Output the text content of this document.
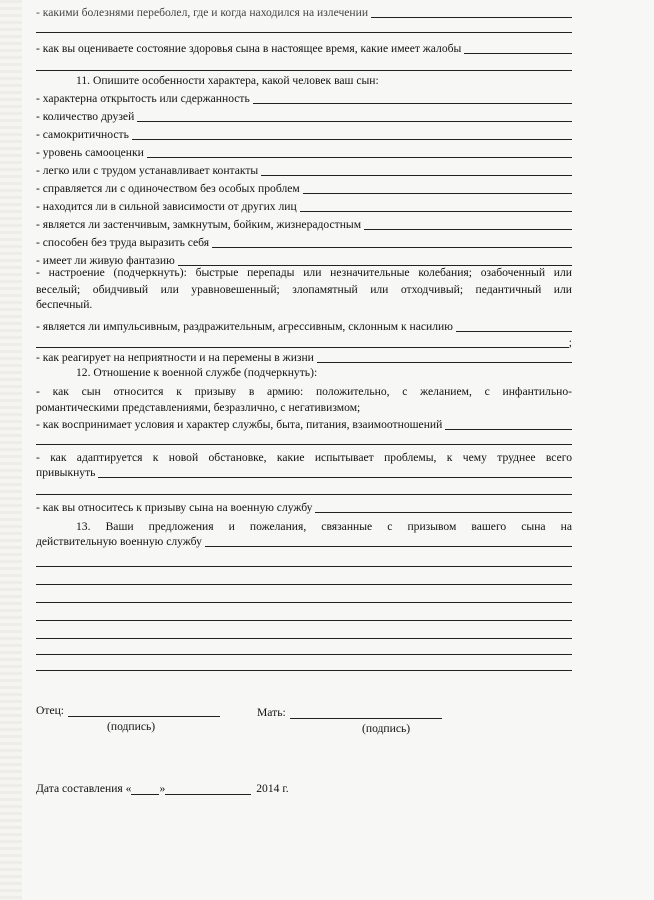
- какими болезнями переболел, где и когда находился на излечении
- как вы оцениваете состояние здоровья сына в настоящее время, какие имеет жалобы
11. Опишите особенности характера, какой человек ваш сын:
- характерна открытость или сдержанность
- количество друзей
- самокритичность
- уровень самооценки
- легко или с трудом устанавливает контакты
- справляется ли с одиночеством без особых проблем
- находится ли в сильной зависимости от других лиц
- является ли застенчивым, замкнутым, бойким, жизнерадостным
- способен без труда выразить себя
- имеет ли живую фантазию
- настроение (подчеркнуть): быстрые перепады или незначительные колебания; озабоченный или
веселый; обидчивый или уравновешенный; злопамятный или отходчивый; педантичный или
беспечный.
- является ли импульсивным, раздражительным, агрессивным, склонным к насилию
;
- как реагирует на неприятности и на перемены в жизни
12. Отношение к военной службе (подчеркнуть):
- как сын относится к призыву в армию: положительно, с желанием, с инфантильно-
романтическими представлениями, безразлично, с негативизмом;
- как воспринимает условия и характер службы, быта, питания, взаимоотношений
- как адаптируется к новой обстановке, какие испытывает проблемы, к чему труднее всего
привыкнуть
- как вы относитесь к призыву сына на военную службу
13. Ваши предложения и пожелания, связанные с призывом вашего сына на
действительную военную службу
Отец:
(подпись)
Мать:
(подпись)
Дата составления « »	2014 г.
